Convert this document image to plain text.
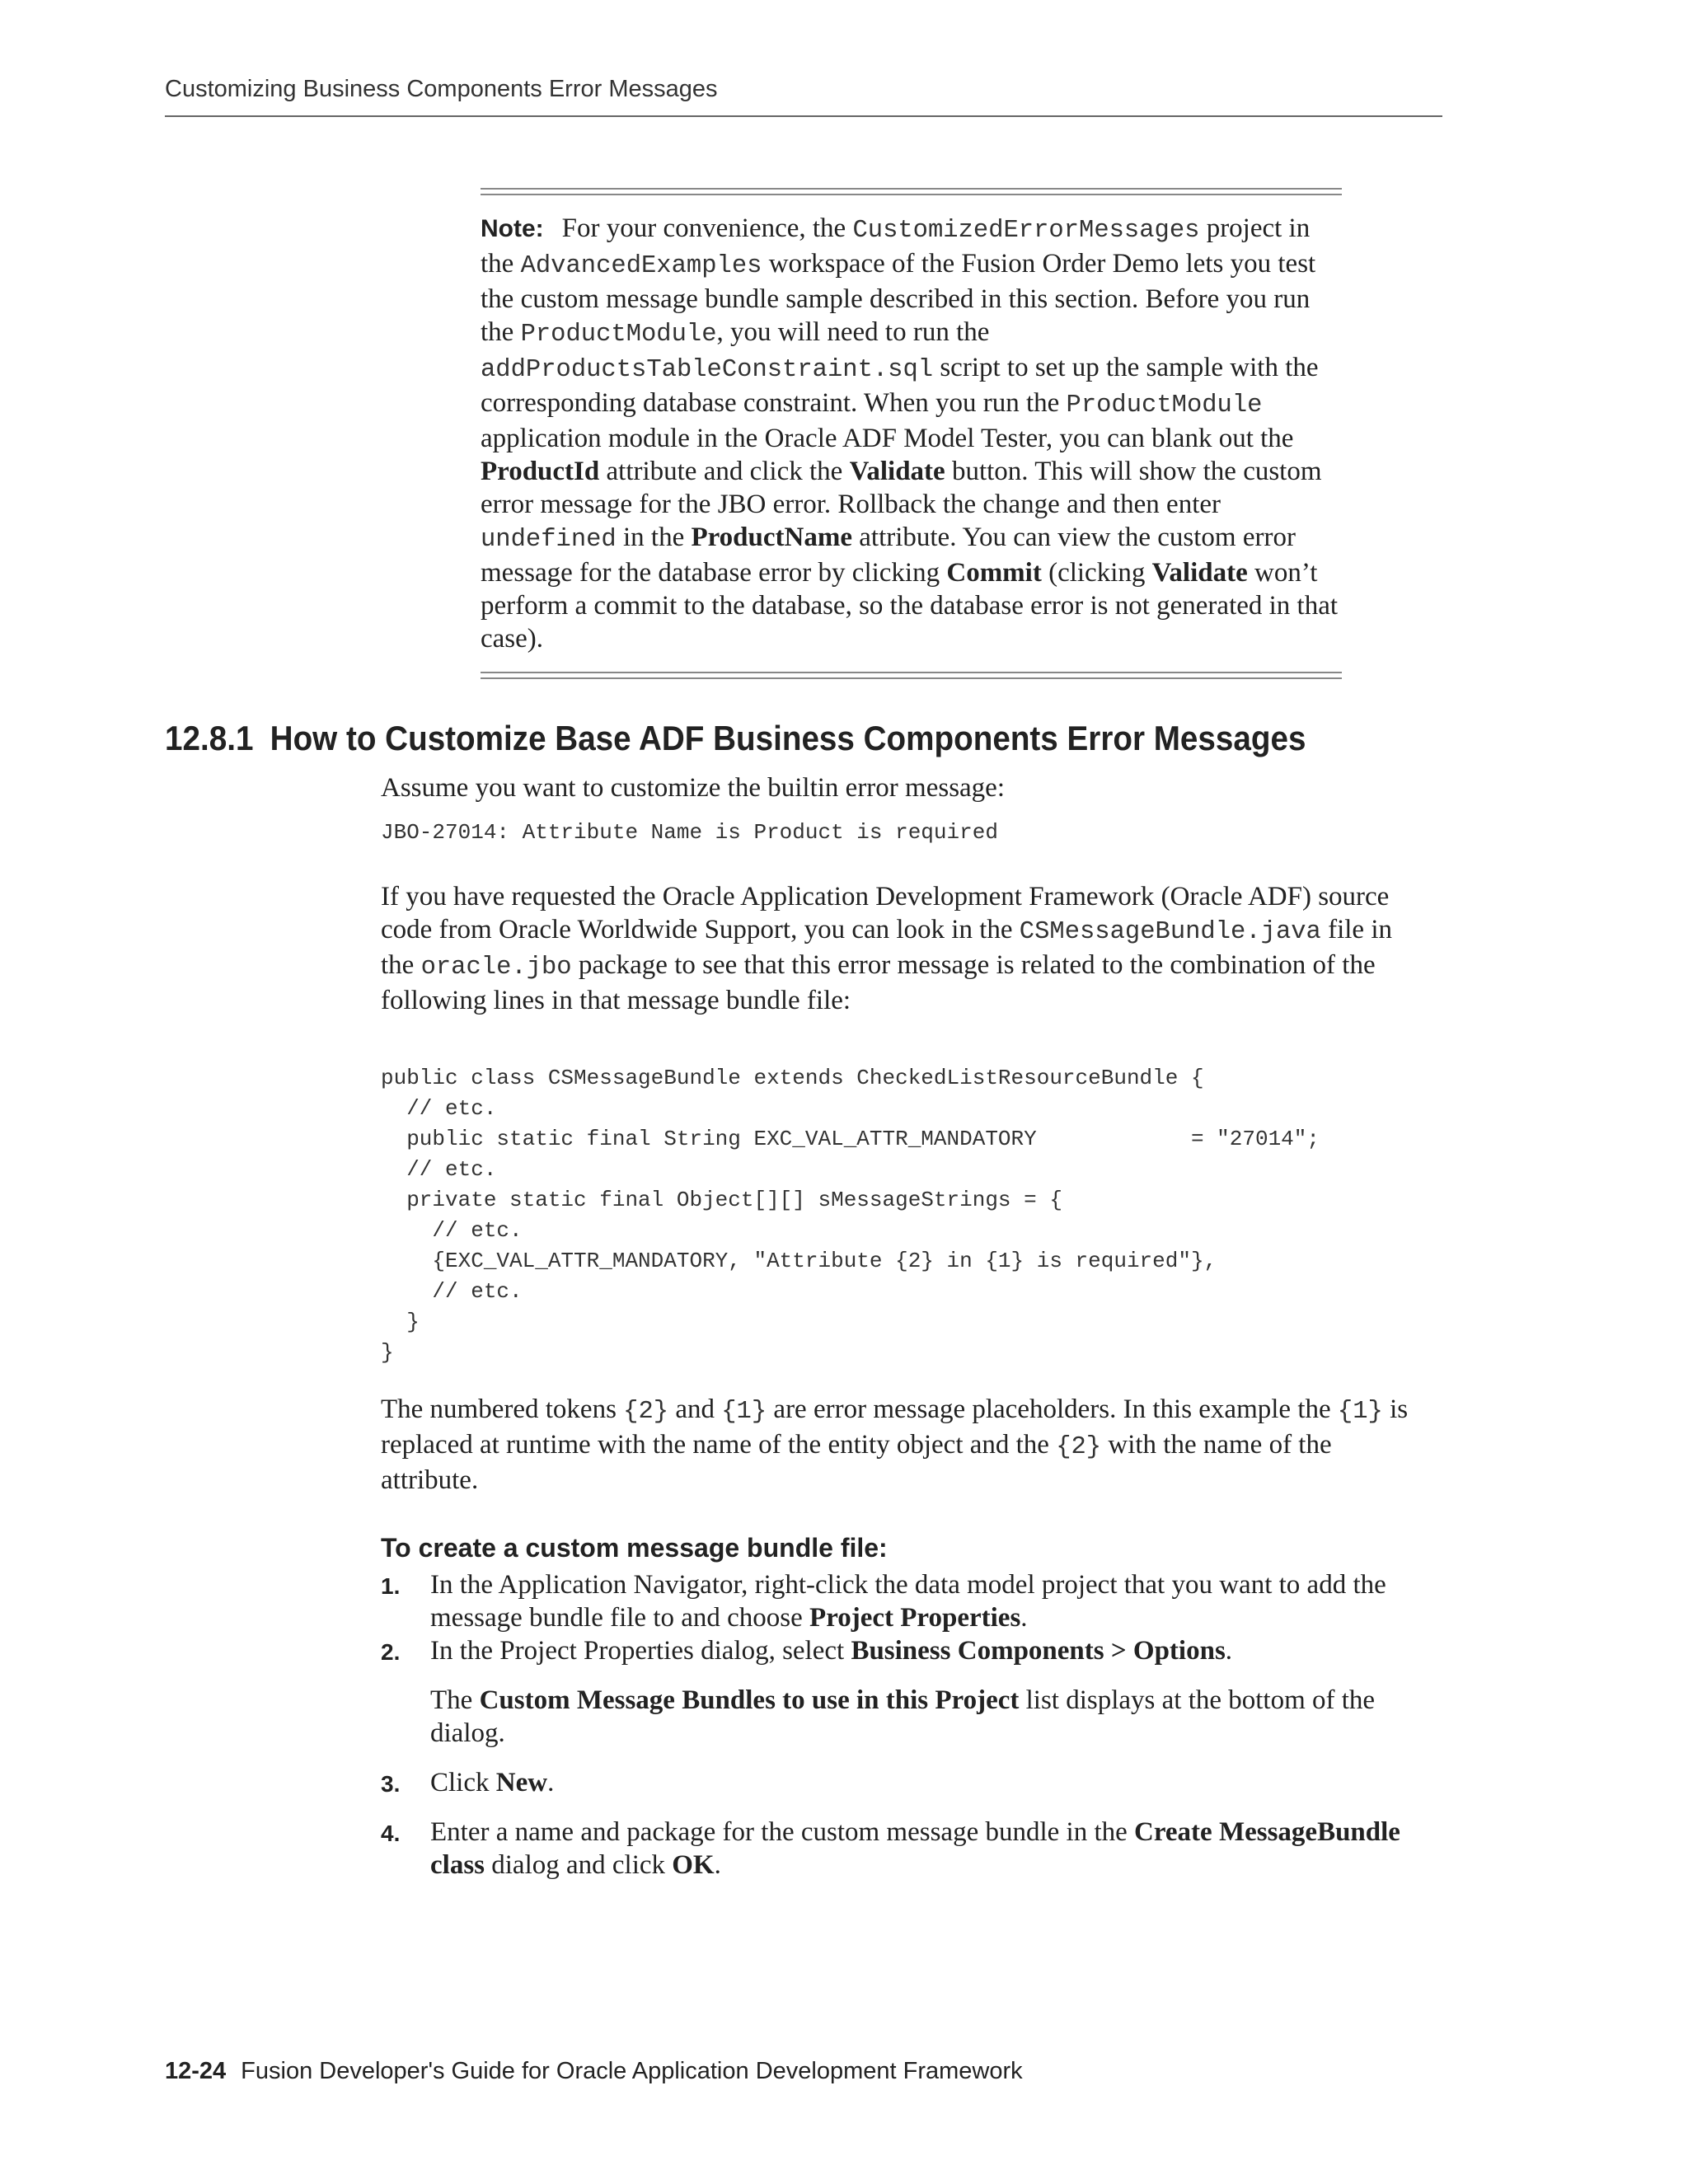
Customizing Business Components Error Messages
Note: For your convenience, the CustomizedErrorMessages project in the AdvancedExamples workspace of the Fusion Order Demo lets you test the custom message bundle sample described in this section. Before you run the ProductModule, you will need to run the addProductsTableConstraint.sql script to set up the sample with the corresponding database constraint. When you run the ProductModule application module in the Oracle ADF Model Tester, you can blank out the ProductId attribute and click the Validate button. This will show the custom error message for the JBO error. Rollback the change and then enter undefined in the ProductName attribute. You can view the custom error message for the database error by clicking Commit (clicking Validate won’t perform a commit to the database, so the database error is not generated in that case).
12.8.1 How to Customize Base ADF Business Components Error Messages
Assume you want to customize the builtin error message:
JBO-27014: Attribute Name is Product is required
If you have requested the Oracle Application Development Framework (Oracle ADF) source code from Oracle Worldwide Support, you can look in the CSMessageBundle.java file in the oracle.jbo package to see that this error message is related to the combination of the following lines in that message bundle file:
public class CSMessageBundle extends CheckedListResourceBundle {
// etc.
public static final String EXC_VAL_ATTR_MANDATORY            = "27014";
// etc.
private static final Object[][] sMessageStrings = {
// etc.
{EXC_VAL_ATTR_MANDATORY, "Attribute {2} in {1} is required"},
// etc.
}
}
The numbered tokens {2} and {1} are error message placeholders. In this example the {1} is replaced at runtime with the name of the entity object and the {2} with the name of the attribute.
To create a custom message bundle file:
1. In the Application Navigator, right-click the data model project that you want to add the message bundle file to and choose Project Properties.
2. In the Project Properties dialog, select Business Components > Options.
The Custom Message Bundles to use in this Project list displays at the bottom of the dialog.
3. Click New.
4. Enter a name and package for the custom message bundle in the Create MessageBundle class dialog and click OK.
12-24 Fusion Developer's Guide for Oracle Application Development Framework
